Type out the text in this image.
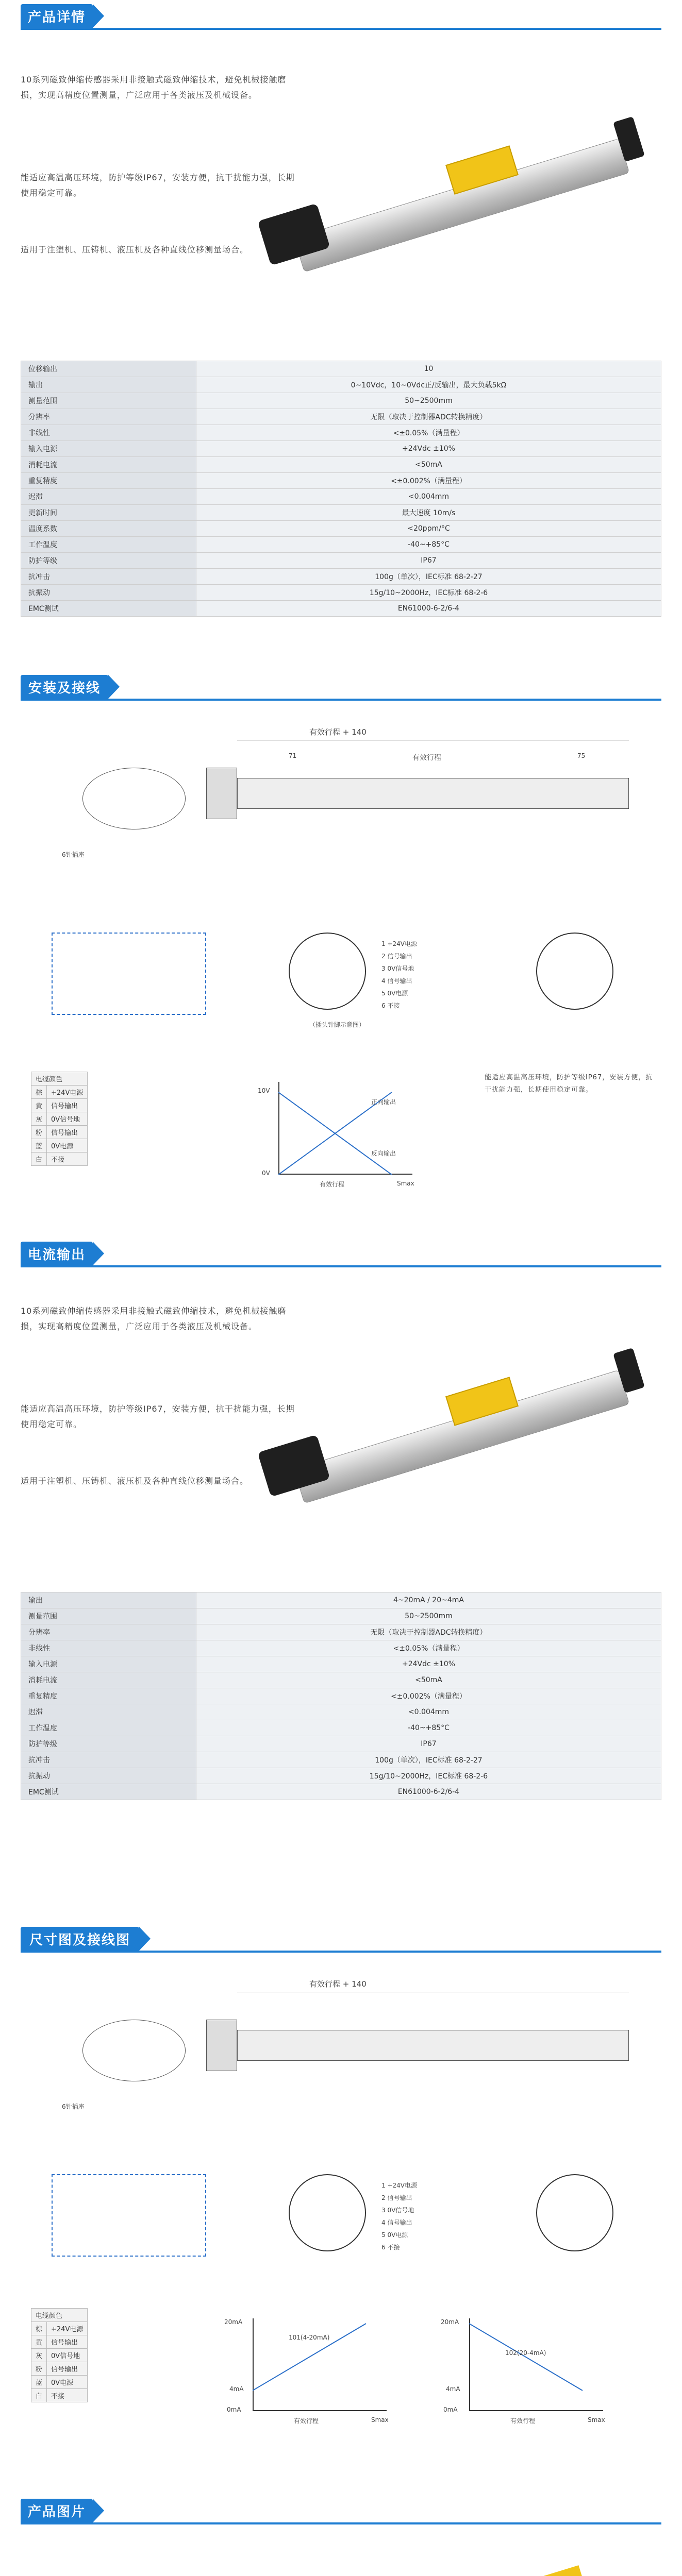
产品详情
10系列磁致伸缩传感器采用非接触式磁致伸缩技术，避免机械接触磨损，实现高精度位置测量，广泛应用于各类液压及机械设备。
能适应高温高压环境，防护等级IP67，安装方便，抗干扰能力强，长期使用稳定可靠。
适用于注塑机、压铸机、液压机及各种直线位移测量场合。
位移输出	10
输出	0~10Vdc，10~0Vdc正/反输出，最大负载5kΩ
测量范围	50~2500mm
分辨率	无限（取决于控制器ADC转换精度）
非线性	<±0.05%（满量程）
输入电源	+24Vdc ±10%
消耗电流	<50mA
重复精度	<±0.002%（满量程）
迟滞	<0.004mm
更新时间	最大速度 10m/s
温度系数	<20ppm/°C
工作温度	-40~+85°C
防护等级	IP67
抗冲击	100g（单次），IEC标准 68-2-27
抗振动	15g/10~2000Hz，IEC标准 68-2-6
EMC测试	EN61000-6-2/6-4
安装及接线
有效行程 + 140
71	有效行程	75
6针插座
1 +24V电源
2 信号输出
3 0V信号地
4 信号输出
5 0V电源
6 不接
（插头针脚示意图）
电缆颜色	
棕	+24V电源
黄	信号输出
灰	0V信号地
粉	信号输出
蓝	0V电源
白	不接
10V
0V
有效行程	Smax
正向输出
反向输出
能适应高温高压环境，防护等级IP67，安装方便，抗干扰能力强，长期使用稳定可靠。
电流输出
10系列磁致伸缩传感器采用非接触式磁致伸缩技术，避免机械接触磨损，实现高精度位置测量，广泛应用于各类液压及机械设备。
能适应高温高压环境，防护等级IP67，安装方便，抗干扰能力强，长期使用稳定可靠。
适用于注塑机、压铸机、液压机及各种直线位移测量场合。
输出	4~20mA / 20~4mA
测量范围	50~2500mm
分辨率	无限（取决于控制器ADC转换精度）
非线性	<±0.05%（满量程）
输入电源	+24Vdc ±10%
消耗电流	<50mA
重复精度	<±0.002%（满量程）
迟滞	<0.004mm
工作温度	-40~+85°C
防护等级	IP67
抗冲击	100g（单次），IEC标准 68-2-27
抗振动	15g/10~2000Hz，IEC标准 68-2-6
EMC测试	EN61000-6-2/6-4
尺寸图及接线图
有效行程 + 140
6针插座
1 +24V电源
2 信号输出
3 0V信号地
4 信号输出
5 0V电源
6 不接
电缆颜色	
棕	+24V电源
黄	信号输出
灰	0V信号地
粉	信号输出
蓝	0V电源
白	不接
20mA
4mA
0mA
有效行程	Smax
101(4-20mA)
20mA
4mA
0mA
有效行程	Smax
102(20-4mA)
产品图片
